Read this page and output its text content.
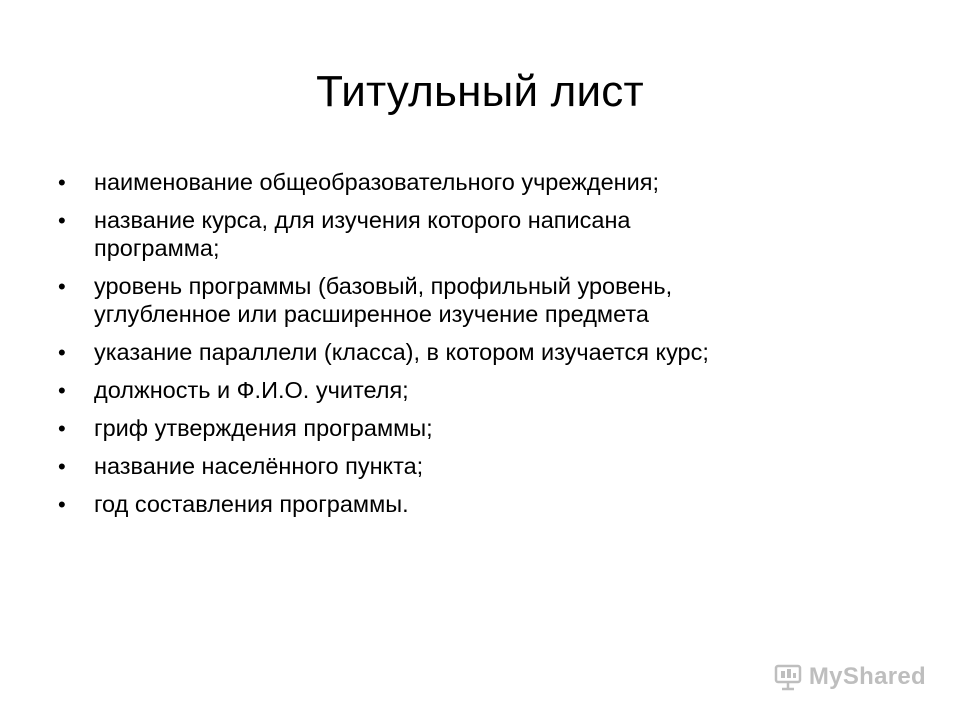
Титульный лист
• наименование общеобразовательного учреждения;
• название курса, для изучения которого написана
программа;
• уровень программы (базовый, профильный уровень,
углубленное или расширенное изучение предмета
• указание параллели (класса), в котором изучается курс;
• должность и Ф.И.О. учителя;
• гриф утверждения программы;
• название населённого пункта;
• год составления программы.
MyShared
